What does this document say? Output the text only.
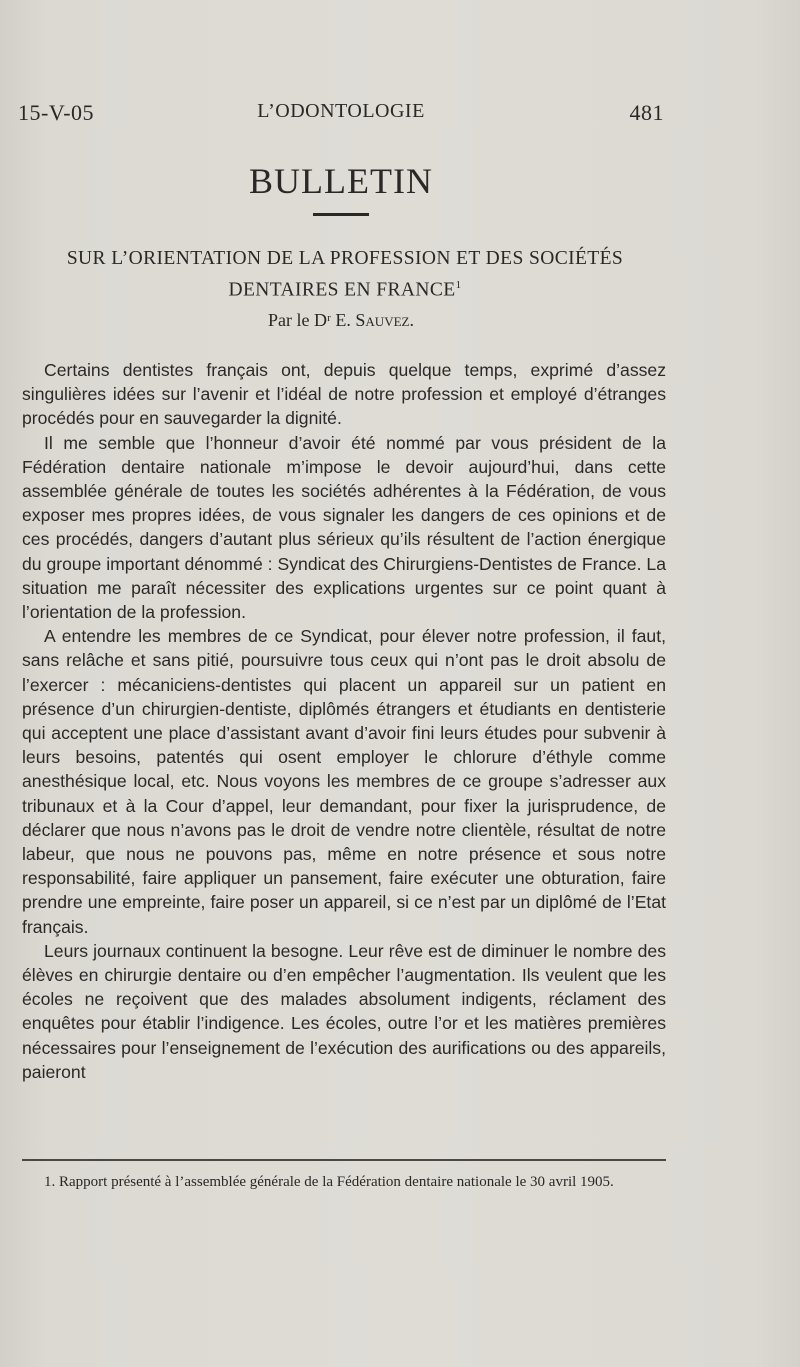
15-V-05	L’ODONTOLOGIE	481
BULLETIN
SUR L’ORIENTATION DE LA PROFESSION ET DES SOCIÉTÉS
DENTAIRES EN FRANCE$^1$
Par le Dʳ E. Sauvez.

Certains dentistes français ont, depuis quelque temps, exprimé d’assez singulières idées sur l’avenir et l’idéal de notre profession et employé d’étranges procédés pour en sauvegarder la dignité.

Il me semble que l’honneur d’avoir été nommé par vous président de la Fédération dentaire nationale m’impose le devoir aujourd’hui, dans cette assemblée générale de toutes les sociétés adhérentes à la Fédération, de vous exposer mes propres idées, de vous signaler les dangers de ces opinions et de ces procédés, dangers d’autant plus sérieux qu’ils résultent de l’action énergique du groupe important dénommé : Syndicat des Chirurgiens-Dentistes de France. La situation me paraît nécessiter des explications urgentes sur ce point quant à l’orientation de la profession.

A entendre les membres de ce Syndicat, pour élever notre profession, il faut, sans relâche et sans pitié, poursuivre tous ceux qui n’ont pas le droit absolu de l’exercer : mécaniciens-dentistes qui placent un appareil sur un patient en présence d’un chirurgien-dentiste, diplômés étrangers et étudiants en dentisterie qui acceptent une place d’assistant avant d’avoir fini leurs études pour subvenir à leurs besoins, patentés qui osent employer le chlorure d’éthyle comme anesthésique local, etc. Nous voyons les membres de ce groupe s’adresser aux tribunaux et à la Cour d’appel, leur demandant, pour fixer la jurisprudence, de déclarer que nous n’avons pas le droit de vendre notre clientèle, résultat de notre labeur, que nous ne pouvons pas, même en notre présence et sous notre responsabilité, faire appliquer un pansement, faire exécuter une obturation, faire prendre une empreinte, faire poser un appareil, si ce n’est par un diplômé de l’Etat français.

Leurs journaux continuent la besogne. Leur rêve est de diminuer le nombre des élèves en chirurgie dentaire ou d’en empêcher l’augmentation. Ils veulent que les écoles ne reçoivent que des malades absolument indigents, réclament des enquêtes pour établir l’indigence. Les écoles, outre l’or et les matières premières nécessaires pour l’enseignement de l’exécution des aurifications ou des appareils, paieront

1. Rapport présenté à l’assemblée générale de la Fédération dentaire nationale le 30 avril 1905.
